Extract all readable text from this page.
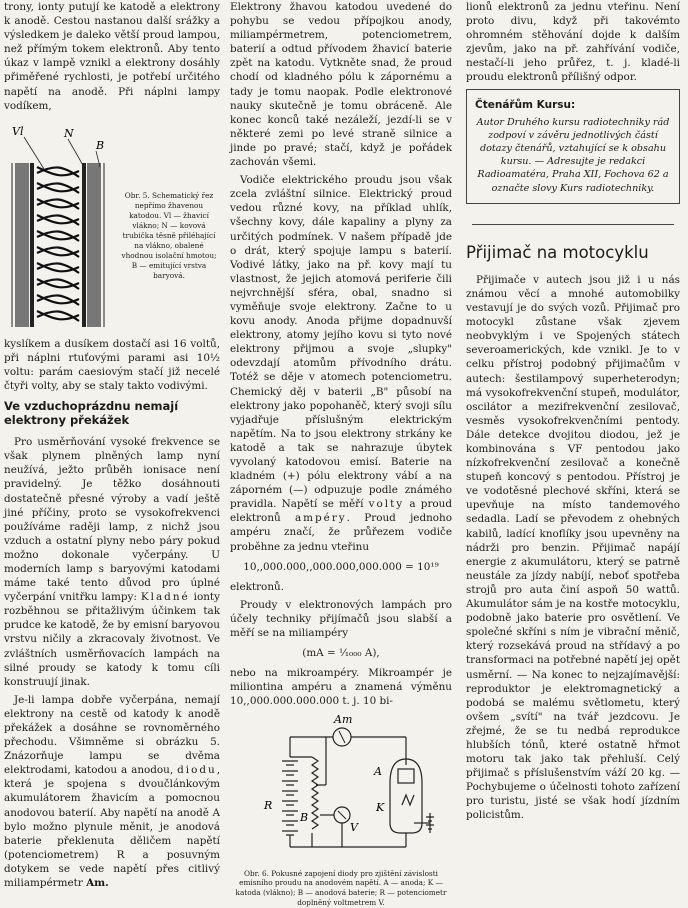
trony, ionty putují ke katodě a elektrony k anodě. Cestou nastanou další srážky a výsledkem je daleko větší proud lampou, než přímým tokem elektronů. Aby tento úkaz v lampě vznikl a elektrony dosáhly přiměřené rychlosti, je potřebí určitého napětí na anodě. Při náplni lampy vodíkem,

Vl	N
B
Obr. 5. Schematický řez nepřímo žhavenou katodou. Vl — žhavicí vlákno; N — kovová trubička těsně přiléhající na vlákno, obalené vhodnou isolační hmotou; B — emitující vrstva baryová.

kyslíkem a dusíkem dostačí asi 16 voltů, při náplni rtuťovými parami asi 10½ voltu: parám caesiovým stačí již necelé čtyři volty, aby se staly takto vodivými.

Ve vzduchoprázdnu nemají elektrony překážek

Pro usměrňování vysoké frekvence se však plynem plněných lamp nyní neužívá, ježto průběh ionisace není pravidelný. Je těžko dosáhnouti dostatečně přesné výroby a vadí ještě jiné příčiny, proto se vysokofrekvenci používáme raději lamp, z nichž jsou vzduch a ostatní plyny nebo páry pokud možno dokonale vyčerpány. U moderních lamp s baryovými katodami máme také tento důvod pro úplné vyčerpání vnitřku lampy: Kladné ionty rozběhnou se přitažlivým účinkem tak prudce ke katodě, že by emisní baryovou vrstvu ničily a zkracovaly životnost. Ve zvláštních usměrňovacích lampách na silné proudy se katody k tomu cíli konstruují jinak.

Je-li lampa dobře vyčerpána, nemají elektrony na cestě od katody k anodě překážek a dosáhne se rovnoměrného přechodu. Všimněme si obrázku 5. Znázorňuje lampu se dvěma elektrodami, katodou a anodou, diodu, která je spojena s dvoučlánkovým akumulátorem žhavicím a pomocnou anodovou baterií. Aby napětí na anodě A bylo možno plynule měnit, je anodová baterie překlenuta děličem napětí (potenciometrem) R a posuvným dotykem se vede napětí přes citlivý miliampérmetr Am.

Elektrony žhavou katodou uvedené do pohybu se vedou přípojkou anody, miliampérmetrem, potenciometrem, baterií a odtud přívodem žhavicí baterie zpět na katodu. Vytkněte snad, že proud chodí od kladného pólu k zápornému a tady je tomu naopak. Podle elektronové nauky skutečně je tomu obráceně. Ale konec konců také nezáleží, jezdí-li se v některé zemi po levé straně silnice a jinde po pravé; stačí, když je pořádek zachován všemi.

Vodiče elektrického proudu jsou však zcela zvláštní silnice. Elektrický proud vedou různé kovy, na příklad uhlík, všechny kovy, dále kapaliny a plyny za určitých podmínek. V našem případě jde o drát, který spojuje lampu s baterií. Vodivé látky, jako na př. kovy mají tu vlastnost, že jejich atomová periferie čili nejvrchnější sféra, obal, snadno si vyměňuje svoje elektrony. Začne to u kovu anody. Anoda přijme dopadnuvší elektrony, atomy jejího kovu si tyto nové elektrony přijmou a svoje „slupky" odevzdají atomům přívodního drátu. Totéž se děje v atomech potenciometru. Chemický děj v baterii „B" působí na elektrony jako popohaněč, který svoji sílu vyjadřuje příslušným elektrickým napětím. Na to jsou elektrony strkány ke katodě a tak se nahrazuje úbytek vyvolaný katodovou emisí. Baterie na kladném (+) pólu elektrony vábí a na záporném (—) odpuzuje podle známého pravidla. Napětí se měří volty a proud elektronů ampéry. Proud jednoho ampéru značí, že průřezem vodiče proběhne za jednu vteřinu

10,,000.000,,000.000,000.000 = 10¹⁹

elektronů.

Proudy v elektronových lampách pro účely techniky přijímačů jsou slabší a měří se na miliampéry

(mA = ¹⁄₁₀₀₀ A),

nebo na mikroampéry. Mikroampér je miliontina ampéru a znamená výměnu 10,,000.000.000.000 t. j. 10 bi-

Am
A
K
R
V
B
Obr. 6. Pokusné zapojení diody pro zjištění závislosti emisního proudu na anodovém napětí. A — anoda; K — katoda (vlákno); B — anodová baterie; R — potenciometr doplněný voltmetrem V.

lionů elektronů za jednu vteřinu. Není proto divu, když při takovémto ohromném stěhování dojde k dalším zjevům, jako na př. zahřívání vodiče, nestačí-li jeho průřez, t. j. kladé-li proudu elektronů přílišný odpor.

Čtenářům Kursu:
Autor Druhého kursu radiotechniky rád zodpoví v závěru jednotlivých částí dotazy čtenářů, vztahující se k obsahu kursu. — Adresujte je redakci Radioamatéra, Praha XII, Fochova 62 a označte slovy Kurs radiotechniky.
Přijimač na motocyklu

Přijimače v autech jsou již i u nás známou věcí a mnohé automobilky vestavují je do svých vozů. Přijimač pro motocykl zůstane však zjevem neobvyklým i ve Spojených státech severoamerických, kde vznikl. Je to v celku přístroj podobný přijimačům v autech: šestilampový superheterodyn; má vysokofrekvenční stupeň, modulátor, oscilátor a mezifrekvenční zesilovač, vesměs vysokofrekvenčními pentody. Dále detekce dvojitou diodou, jež je kombinována s VF pentodou jako nízkofrekvenční zesilovač a konečně stupeň koncový s pentodou. Přístroj je ve vodotěsné plechové skříni, která se upevňuje na místo tandemového sedadla. Ladí se převodem z ohebných kabilů, ladící knoflíky jsou upevněny na nádrži pro benzin. Přijimač napájí energie z akumulátoru, který se patrně neustále za jízdy nabíjí, neboť spotřeba strojů pro auta činí aspoň 50 wattů. Akumulátor sám je na kostře motocyklu, podobně jako baterie pro osvětlení. Ve společné skříni s ním je vibrační měnič, který rozsekává proud na střídavý a po transformaci na potřebné napětí jej opět usměrní. — Na konec to nejzajímavější: reproduktor je elektromagnetický a podobá se malému světlometu, který ovšem „svítí" na tvář jezdcovu. Je zřejmé, že se tu nedbá reprodukce hlubších tónů, které ostatně hřmot motoru tak jako tak přehluší. Celý přijimač s příslušenstvím váží 20 kg. — Pochybujeme o účelnosti tohoto zařízení pro turistu, jisté se však hodí jízdním policistům.
